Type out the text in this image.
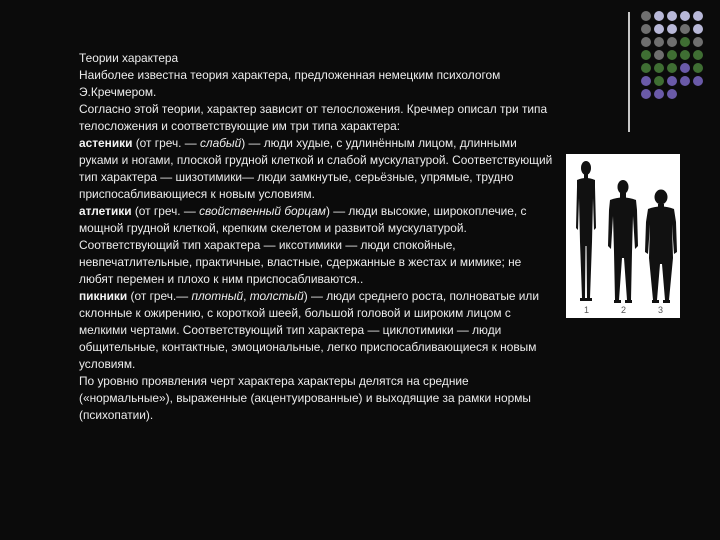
Теории характера

Наиболее известна теория характера, предложенная немецким психологом Э.Кречмером.

Согласно этой теории, характер зависит от телосложения. Кречмер описал три типа телосложения и соответствующие им три типа характера:

астеники (от греч. — слабый) — люди худые, с удлинённым лицом, длинными руками и ногами, плоской грудной клеткой и слабой мускулатурой. Соответствующий тип характера — шизотимики— люди замкнутые, серьёзные, упрямые, трудно приспосабливающиеся к новым условиям.

атлетики (от греч. — свойственный борцам) — люди высокие, широкоплечие, с мощной грудной клеткой, крепким скелетом и развитой мускулатурой. Соответствующий тип характера — иксотимики — люди спокойные, невпечатлительные, практичные, властные, сдержанные в жестах и мимике; не любят перемен и плохо к ним приспосабливаются..

пикники (от греч.— плотный, толстый) — люди среднего роста, полноватые или склонные к ожирению, с короткой шеей, большой головой и широким лицом с мелкими чертами. Соответствующий тип характера — циклотимики — люди общительные, контактные, эмоциональные, легко приспосабливающиеся к новым условиям.

По уровню проявления черт характера характеры делятся на средние («нормальные»), выраженные (акцентуированные) и выходящие за рамки нормы (психопатии).

1	2	3
